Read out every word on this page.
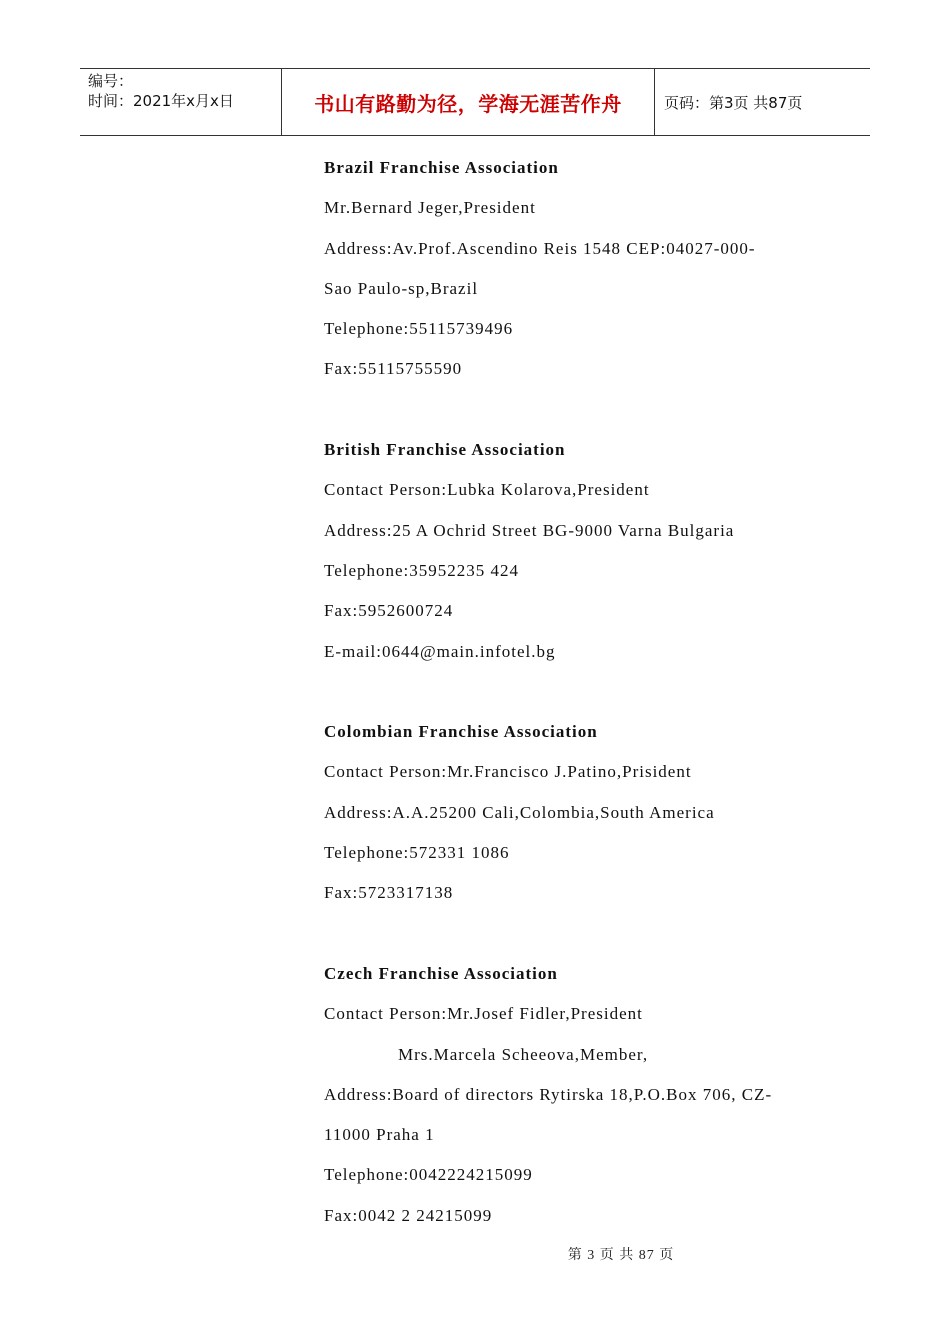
编号：
时间：2021年x月x日	书山有路勤为径，学海无涯苦作舟	页码：第3页 共87页
Brazil Franchise Association
Mr.Bernard Jeger,President
Address:Av.Prof.Ascendino Reis 1548 CEP:04027-000-
Sao Paulo-sp,Brazil
Telephone:55115739496
Fax:55115755590
British Franchise Association
Contact Person:Lubka Kolarova,President
Address:25 A Ochrid Street BG-9000 Varna Bulgaria
Telephone:35952235 424
Fax:5952600724
E-mail:0644@main.infotel.bg
Colombian Franchise Association
Contact Person:Mr.Francisco J.Patino,Prisident
Address:A.A.25200 Cali,Colombia,South America
Telephone:572331 1086
Fax:5723317138
Czech Franchise Association
Contact Person:Mr.Josef Fidler,President
Mrs.Marcela Scheeova,Member,
Address:Board of directors Rytirska 18,P.O.Box 706, CZ-
11000 Praha 1
Telephone:0042224215099
Fax:0042 2 24215099
第 3 页 共 87 页
